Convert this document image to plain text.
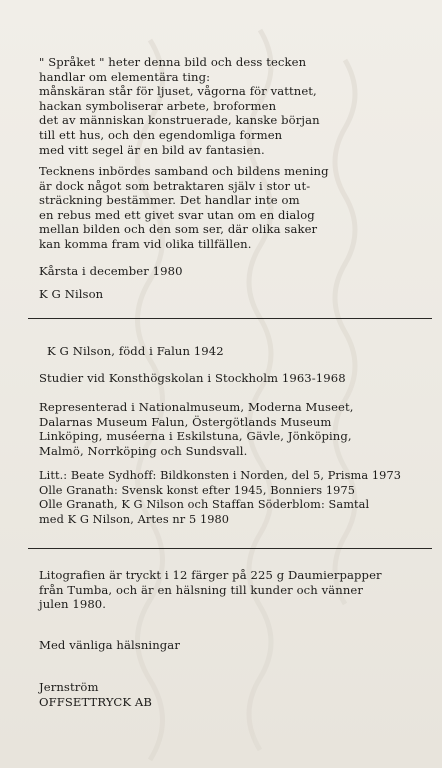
" Språket " heter denna bild och dess tecken
handlar om elementära ting:
månskäran står för ljuset, vågorna för vattnet,
hackan symboliserar arbete, broformen
det av människan konstruerade, kanske början
till ett hus, och den egendomliga formen
med vitt segel är en bild av fantasien.
Tecknens inbördes samband och bildens mening
är dock något som betraktaren själv i stor ut-
sträckning bestämmer. Det handlar inte om
en rebus med ett givet svar utan om en dialog
mellan bilden och den som ser, där olika saker
kan komma fram vid olika tillfällen.
Kårsta i december 1980
K G Nilson
K G Nilson, född i Falun 1942
Studier vid Konsthögskolan i Stockholm 1963-1968
Representerad i Nationalmuseum, Moderna Museet,
Dalarnas Museum Falun, Östergötlands Museum
Linköping, muséerna i Eskilstuna, Gävle, Jönköping,
Malmö, Norrköping och Sundsvall.
Litt.: Beate Sydhoff: Bildkonsten i Norden, del 5, Prisma 1973
Olle Granath: Svensk konst efter 1945, Bonniers 1975
Olle Granath, K G Nilson och Staffan Söderblom: Samtal
med K G Nilson, Artes nr 5 1980
Litografien är tryckt i 12 färger på 225 g Daumierpapper
från Tumba, och är en hälsning till kunder och vänner
julen 1980.
Med vänliga hälsningar
Jernström
OFFSETTRYCK AB
